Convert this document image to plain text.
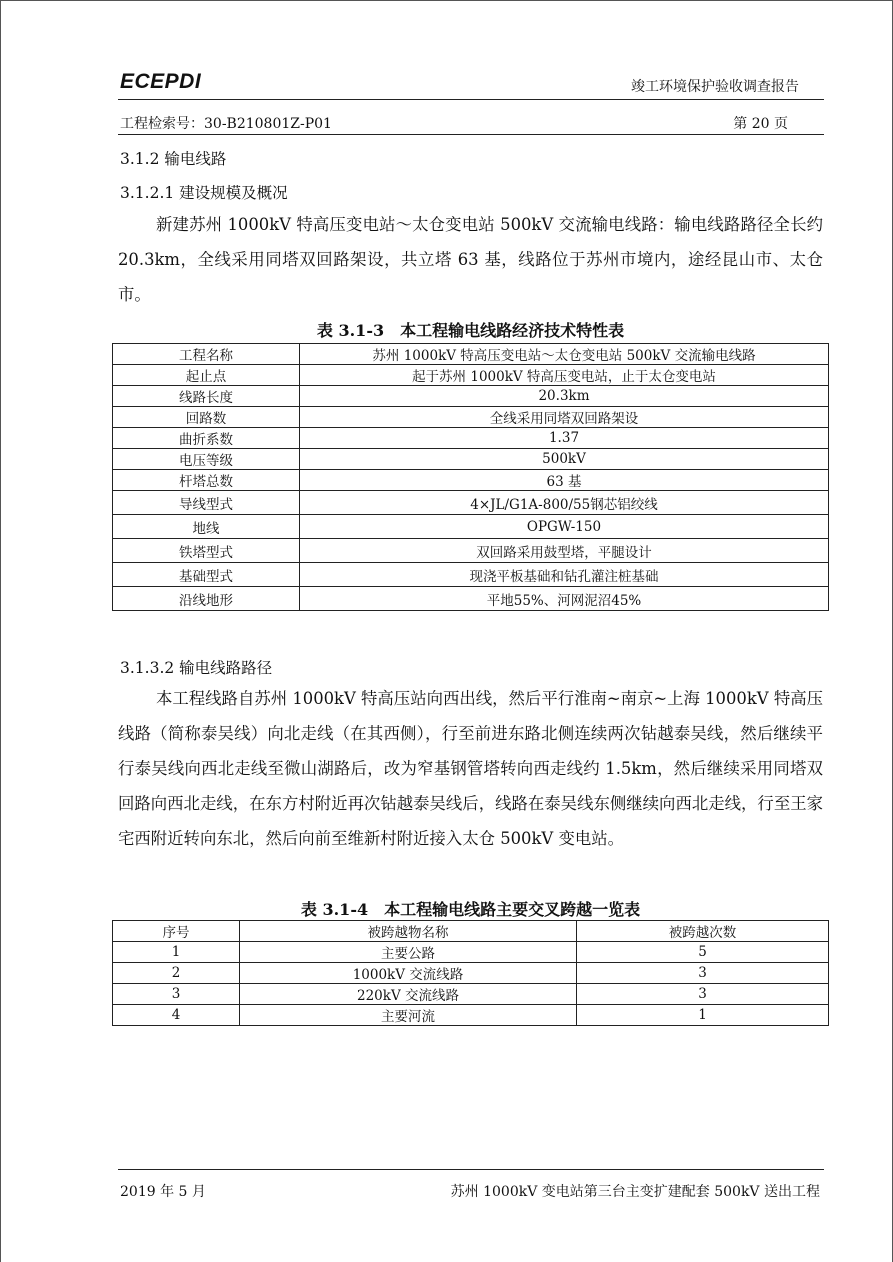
ECEPDI	竣工环境保护验收调查报告
工程检索号：30-B210801Z-P01	第 20 页
3.1.2 输电线路
3.1.2.1 建设规模及概况

新建苏州 1000kV 特高压变电站～太仓变电站 500kV 交流输电线路：输电线路路径全长约 20.3km，全线采用同塔双回路架设，共立塔 63 基，线路位于苏州市境内，途经昆山市、太仓市。

表 3.1-3　本工程输电线路经济技术特性表
工程名称	苏州 1000kV 特高压变电站～太仓变电站 500kV 交流输电线路
起止点	起于苏州 1000kV 特高压变电站，止于太仓变电站
线路长度	20.3km
回路数	全线采用同塔双回路架设
曲折系数	1.37
电压等级	500kV
杆塔总数	63 基
导线型式	4×JL/G1A-800/55钢芯铝绞线
地线	OPGW-150
铁塔型式	双回路采用鼓型塔，平腿设计
基础型式	现浇平板基础和钻孔灌注桩基础
沿线地形	平地55%、河网泥沼45%
3.1.3.2 输电线路路径

本工程线路自苏州 1000kV 特高压站向西出线，然后平行淮南~南京~上海 1000kV 特高压线路（简称泰吴线）向北走线（在其西侧），行至前进东路北侧连续两次钻越泰吴线，然后继续平行泰吴线向西北走线至微山湖路后，改为窄基钢管塔转向西走线约 1.5km，然后继续采用同塔双回路向西北走线，在东方村附近再次钻越泰吴线后，线路在泰吴线东侧继续向西北走线，行至王家宅西附近转向东北，然后向前至维新村附近接入太仓 500kV 变电站。

表 3.1-4　本工程输电线路主要交叉跨越一览表
序号	被跨越物名称	被跨越次数
1	主要公路	5
2	1000kV 交流线路	3
3	220kV 交流线路	3
4	主要河流	1
2019 年 5 月	苏州 1000kV 变电站第三台主变扩建配套 500kV 送出工程
